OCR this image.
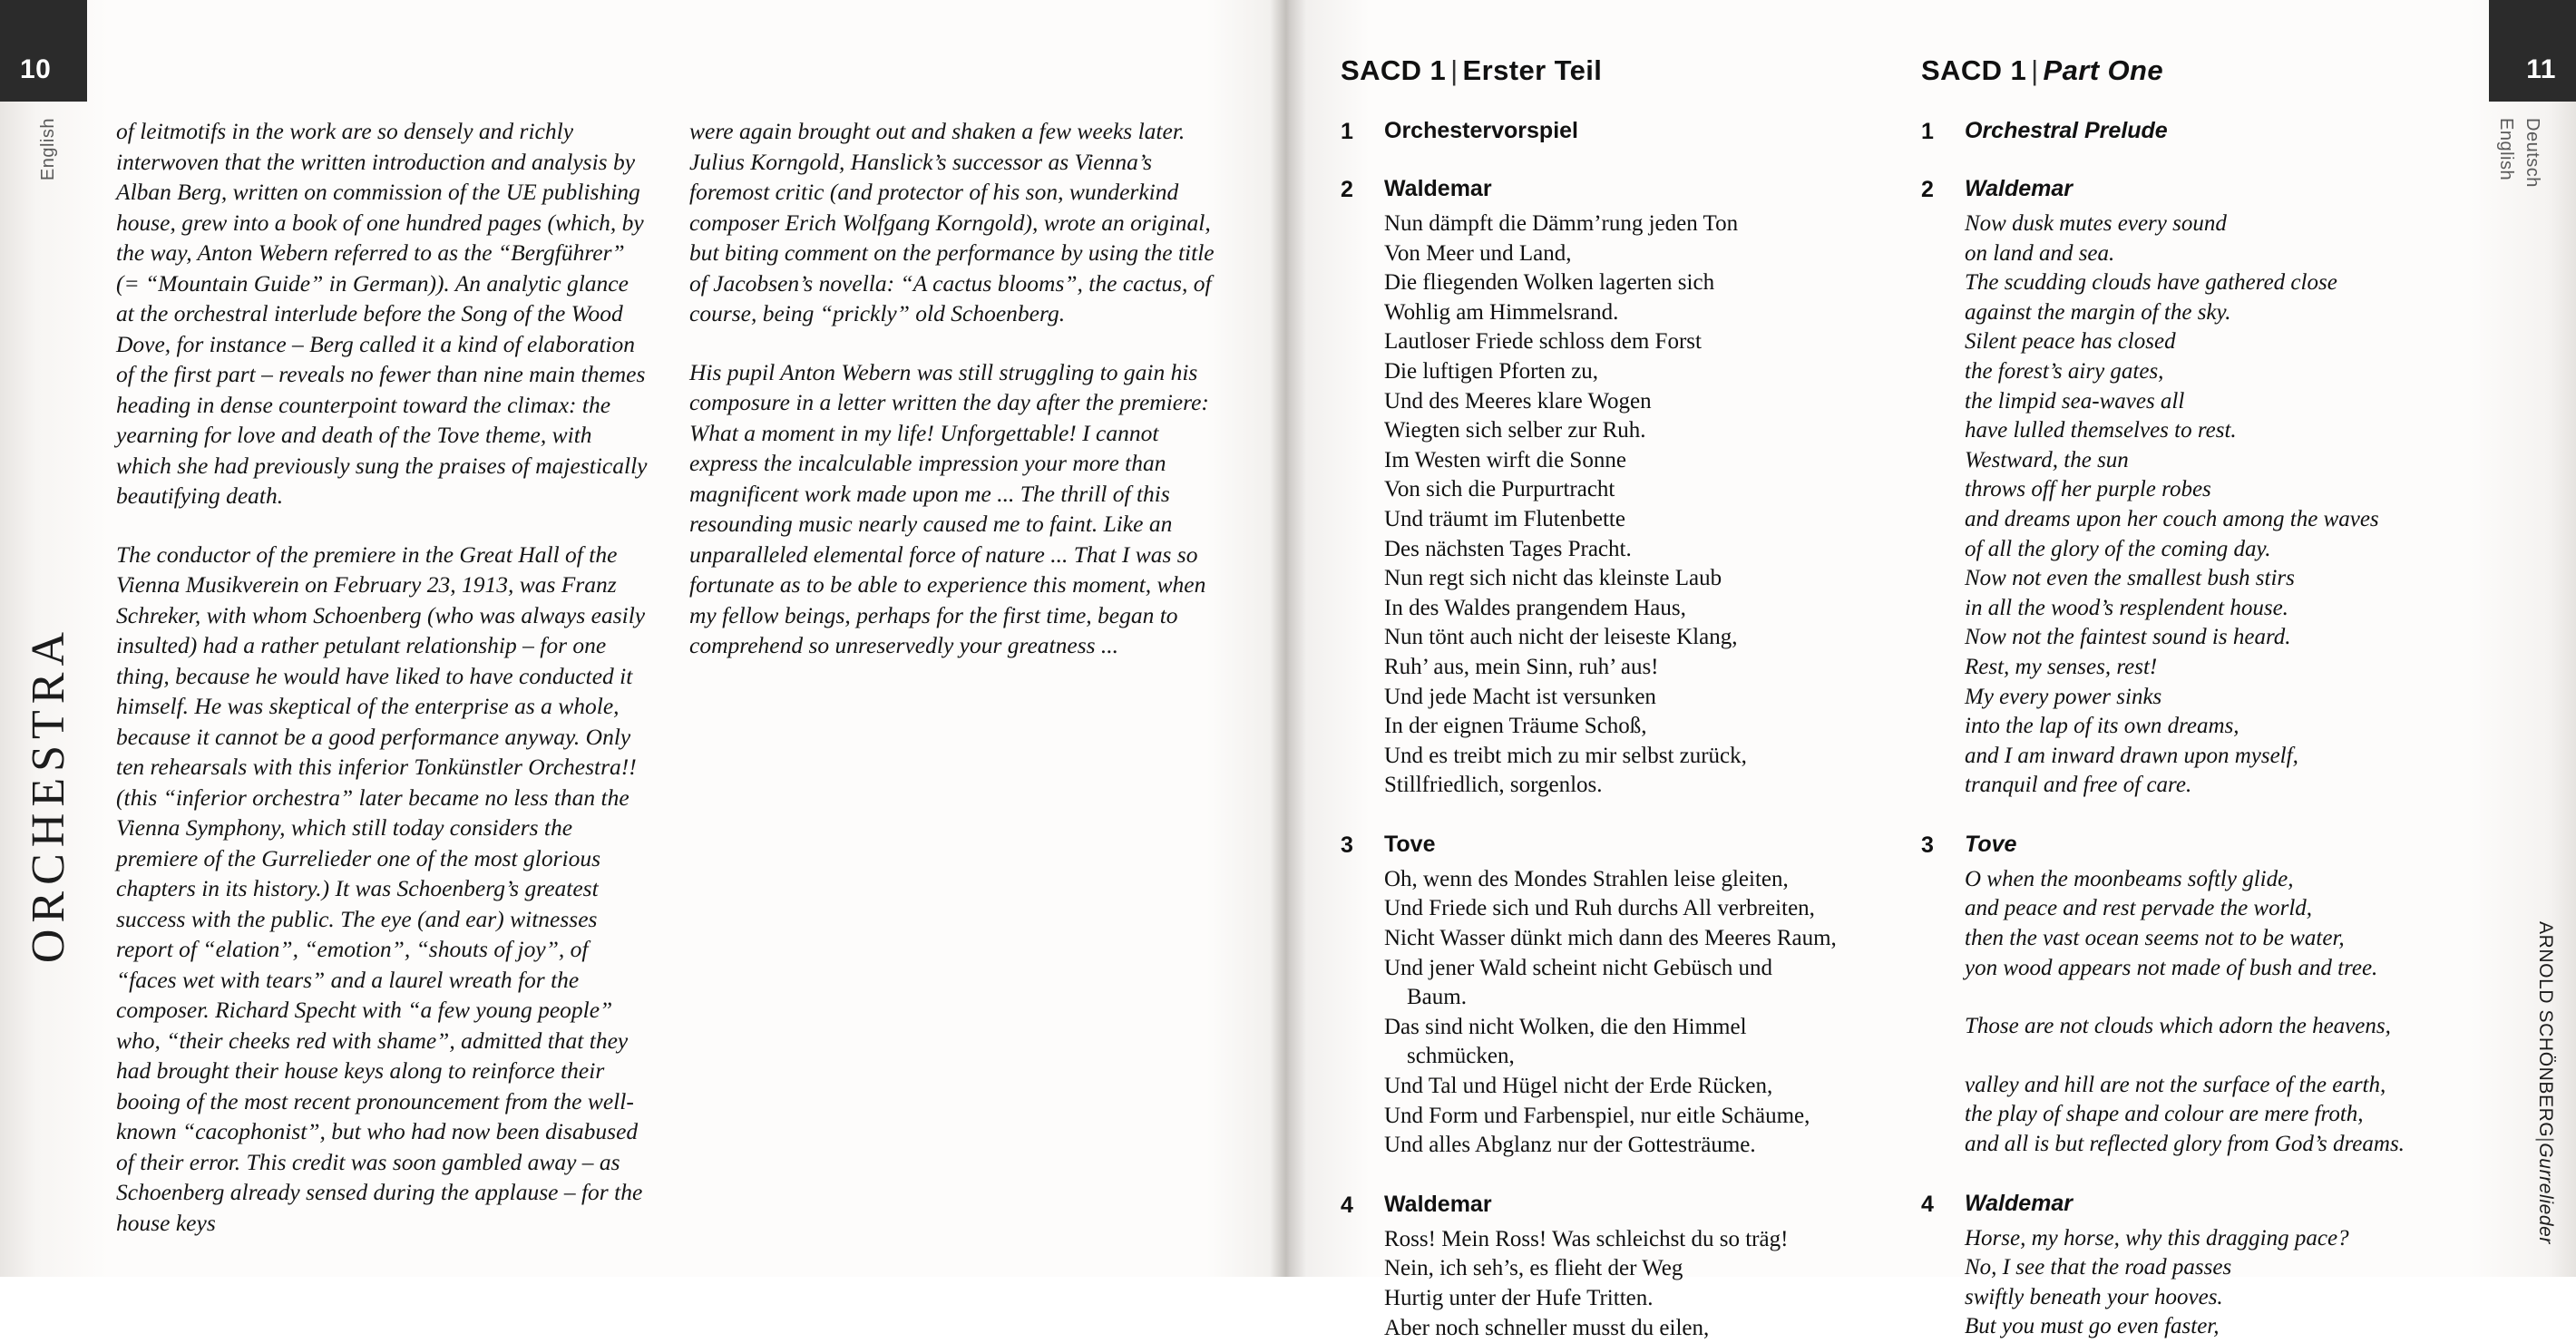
10
English
ORCHESTRA

of leitmotifs in the work are so densely and richly interwoven that the written introduction and analysis by Alban Berg, written on commission of the UE publishing house, grew into a book of one hundred pages (which, by the way, Anton Webern referred to as the “Bergführer” (= “Mountain Guide” in German)). An analytic glance at the orchestral interlude before the Song of the Wood Dove, for instance – Berg called it a kind of elaboration of the first part – reveals no fewer than nine main themes heading in dense counterpoint toward the climax: the yearning for love and death of the Tove theme, with which she had previously sung the praises of majestically beautifying death.

The conductor of the premiere in the Great Hall of the Vienna Musikverein on February 23, 1913, was Franz Schreker, with whom Schoenberg (who was always easily insulted) had a rather petulant relationship – for one thing, because he would have liked to have conducted it himself. He was skeptical of the enterprise as a whole, because it cannot be a good performance anyway. Only ten rehearsals with this inferior Tonkünstler Orchestra!! (this “inferior orchestra” later became no less than the Vienna Symphony, which still today considers the premiere of the Gurrelieder one of the most glorious chapters in its history.) It was Schoenberg’s greatest success with the public. The eye (and ear) witnesses report of “elation”, “emotion”, “shouts of joy”, of “faces wet with tears” and a laurel wreath for the composer. Richard Specht with “a few young people” who, “their cheeks red with shame”, admitted that they had brought their house keys along to reinforce their booing of the most recent pronouncement from the well-known “cacophonist”, but who had now been disabused of their error. This credit was soon gambled away – as Schoenberg already sensed during the applause – for the house keys

were again brought out and shaken a few weeks later. Julius Korngold, Hanslick’s successor as Vienna’s foremost critic (and protector of his son, wunderkind composer Erich Wolfgang Korngold), wrote an original, but biting comment on the performance by using the title of Jacobsen’s novella: “A cactus blooms”, the cactus, of course, being “prickly” old Schoenberg.

His pupil Anton Webern was still struggling to gain his composure in a letter written the day after the premiere: What a moment in my life! Unforgettable! I cannot express the incalculable impression your more than magnificent work made upon me ... The thrill of this resounding music nearly caused me to faint. Like an unparalleled elemental force of nature ... That I was so fortunate as to be able to experience this moment, when my fellow beings, perhaps for the first time, began to comprehend so unreservedly your greatness ...

11
Deutsch
English
ARNOLD SCHÖNBERG|Gurrelieder
SACD 1 | Erster Teil
1	Orchestervorspiel
2	Waldemar
Nun dämpft die Dämm’rung jeden Ton
Von Meer und Land,
Die fliegenden Wolken lagerten sich
Wohlig am Himmelsrand.
Lautloser Friede schloss dem Forst
Die luftigen Pforten zu,
Und des Meeres klare Wogen
Wiegten sich selber zur Ruh.
Im Westen wirft die Sonne
Von sich die Purpurtracht
Und träumt im Flutenbette
Des nächsten Tages Pracht.
Nun regt sich nicht das kleinste Laub
In des Waldes prangendem Haus,
Nun tönt auch nicht der leiseste Klang,
Ruh’ aus, mein Sinn, ruh’ aus!
Und jede Macht ist versunken
In der eignen Träume Schoß,
Und es treibt mich zu mir selbst zurück,
Stillfriedlich, sorgenlos.
3	Tove
Oh, wenn des Mondes Strahlen leise gleiten,
Und Friede sich und Ruh durchs All verbreiten,
Nicht Wasser dünkt mich dann des Meeres Raum,
Und jener Wald scheint nicht Gebüsch und
 Baum.
Das sind nicht Wolken, die den Himmel
 schmücken,
Und Tal und Hügel nicht der Erde Rücken,
Und Form und Farbenspiel, nur eitle Schäume,
Und alles Abglanz nur der Gottesträume.
4	Waldemar
Ross! Mein Ross! Was schleichst du so träg!
Nein, ich seh’s, es flieht der Weg
Hurtig unter der Hufe Tritten.
Aber noch schneller musst du eilen,
SACD 1 | Part One
1	Orchestral Prelude
2	Waldemar
Now dusk mutes every sound
on land and sea.
The scudding clouds have gathered close
against the margin of the sky.
Silent peace has closed
the forest’s airy gates,
the limpid sea-waves all
have lulled themselves to rest.
Westward, the sun
throws off her purple robes
and dreams upon her couch among the waves
of all the glory of the coming day.
Now not even the smallest bush stirs
in all the wood’s resplendent house.
Now not the faintest sound is heard.
Rest, my senses, rest!
My every power sinks
into the lap of its own dreams,
and I am inward drawn upon myself,
tranquil and free of care.
3	Tove
O when the moonbeams softly glide,
and peace and rest pervade the world,
then the vast ocean seems not to be water,
yon wood appears not made of bush and tree.
Those are not clouds which adorn the heavens,
valley and hill are not the surface of the earth,
the play of shape and colour are mere froth,
and all is but reflected glory from God’s dreams.
4	Waldemar
Horse, my horse, why this dragging pace?
No, I see that the road passes
swiftly beneath your hooves.
But you must go even faster,
